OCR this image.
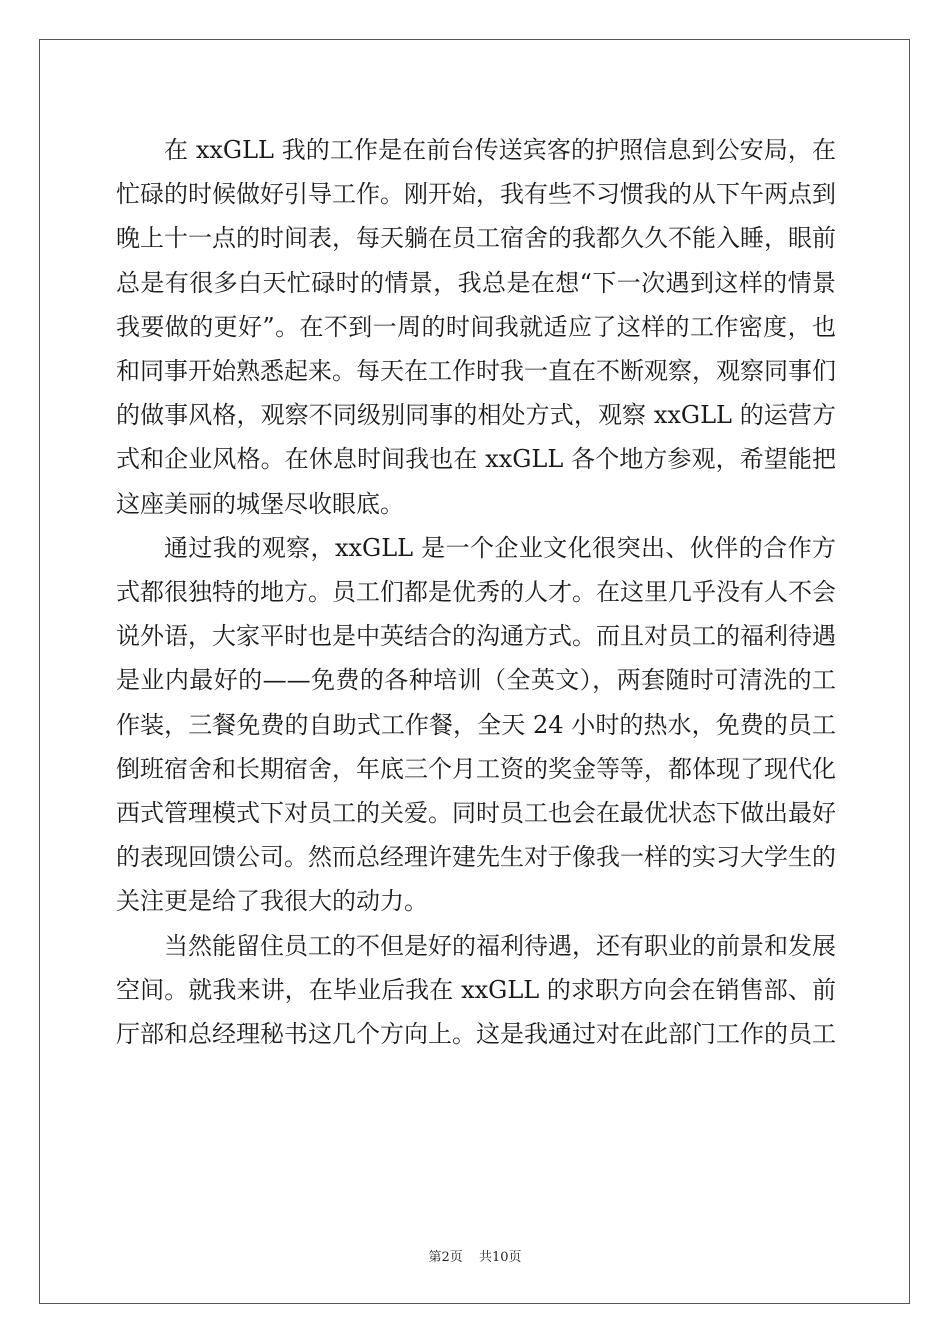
在 xxGLL 我的工作是在前台传送宾客的护照信息到公安局，在忙碌的时候做好引导工作。刚开始，我有些不习惯我的从下午两点到晚上十一点的时间表，每天躺在员工宿舍的我都久久不能入睡，眼前总是有很多白天忙碌时的情景，我总是在想“下一次遇到这样的情景我要做的更好”。在不到一周的时间我就适应了这样的工作密度，也和同事开始熟悉起来。每天在工作时我一直在不断观察，观察同事们的做事风格，观察不同级别同事的相处方式，观察 xxGLL 的运营方式和企业风格。在休息时间我也在 xxGLL 各个地方参观，希望能把这座美丽的城堡尽收眼底。

通过我的观察，xxGLL 是一个企业文化很突出、伙伴的合作方式都很独特的地方。员工们都是优秀的人才。在这里几乎没有人不会说外语，大家平时也是中英结合的沟通方式。而且对员工的福利待遇是业内最好的——免费的各种培训（全英文），两套随时可清洗的工作装，三餐免费的自助式工作餐，全天 24 小时的热水，免费的员工倒班宿舍和长期宿舍，年底三个月工资的奖金等等，都体现了现代化西式管理模式下对员工的关爱。同时员工也会在最优状态下做出最好的表现回馈公司。然而总经理许建先生对于像我一样的实习大学生的关注更是给了我很大的动力。

当然能留住员工的不但是好的福利待遇，还有职业的前景和发展空间。就我来讲，在毕业后我在 xxGLL 的求职方向会在销售部、前厅部和总经理秘书这几个方向上。这是我通过对在此部门工作的员工

第2页 共10页
